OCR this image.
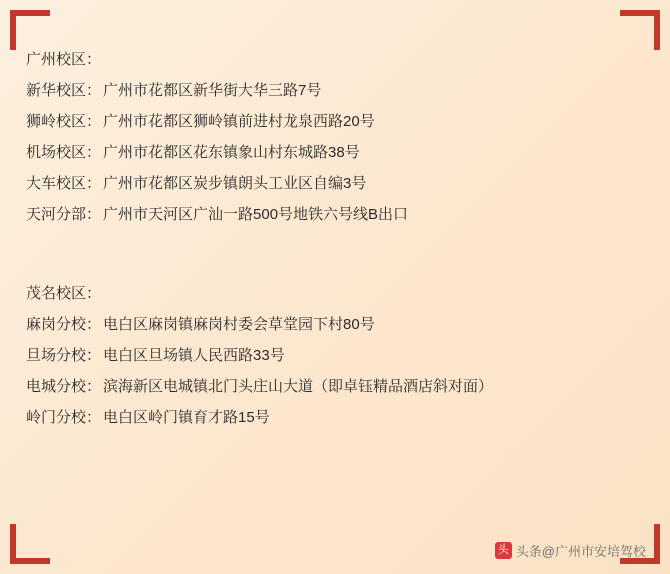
广州校区：
新华校区： 广州市花都区新华街大华三路7号
狮岭校区： 广州市花都区狮岭镇前进村龙泉西路20号
机场校区： 广州市花都区花东镇象山村东城路38号
大车校区： 广州市花都区炭步镇朗头工业区自编3号
天河分部： 广州市天河区广汕一路500号地铁六号线B出口
茂名校区：
麻岗分校： 电白区麻岗镇麻岗村委会草堂园下村80号
旦场分校： 电白区旦场镇人民西路33号
电城分校： 滨海新区电城镇北门头庄山大道（即卓钰精品酒店斜对面）
岭门分校： 电白区岭门镇育才路15号
头 头条@广州市安培驾校
